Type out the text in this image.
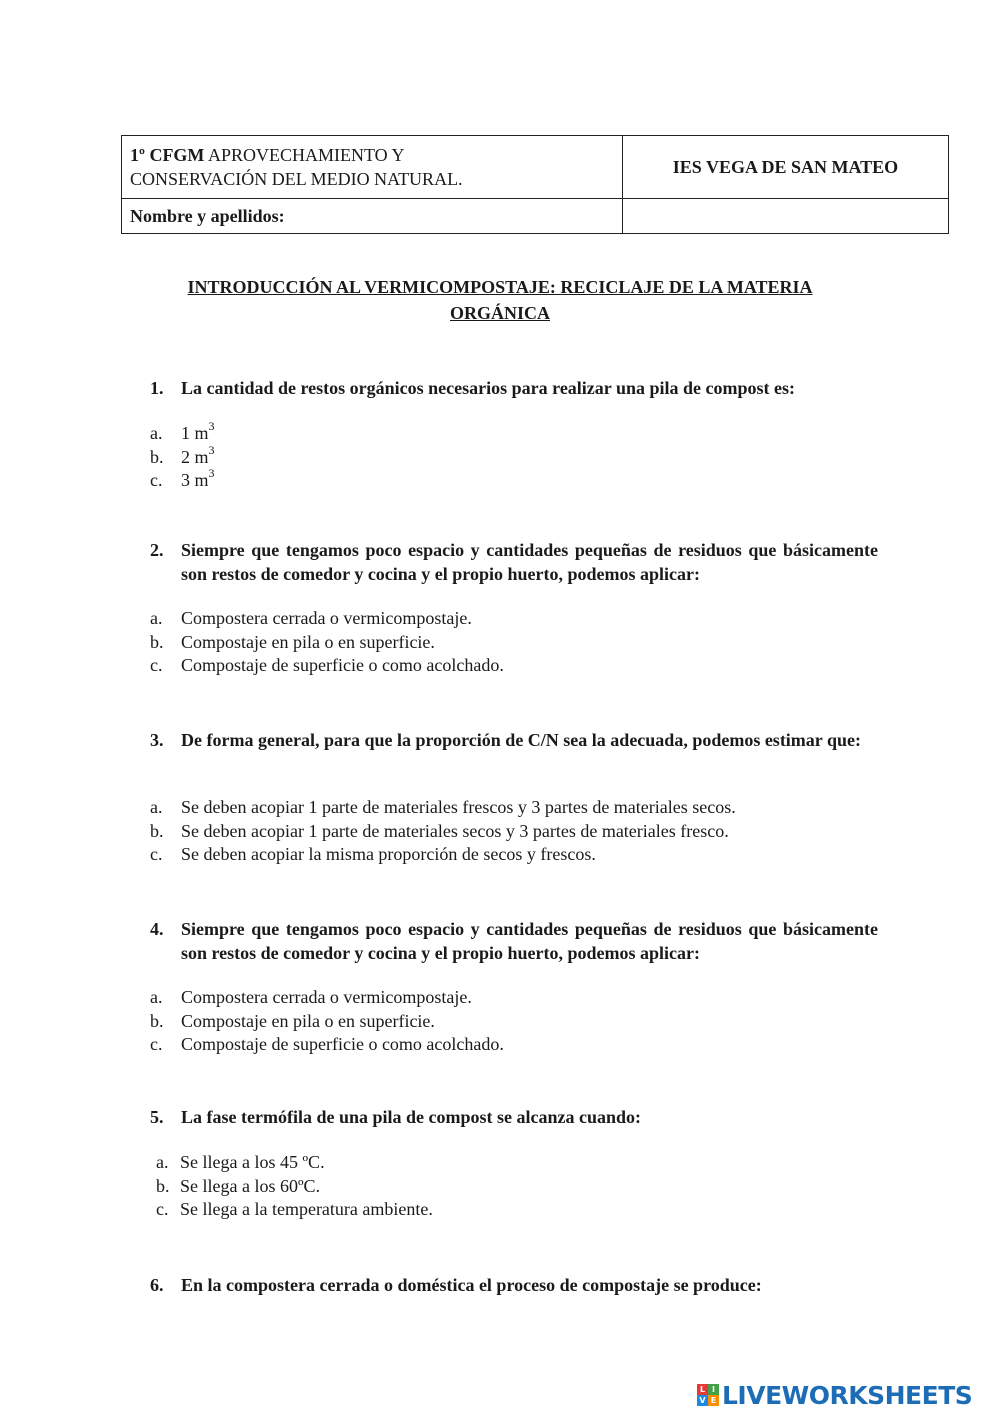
1º CFGM APROVECHAMIENTO Y
CONSERVACIÓN DEL MEDIO NATURAL.	IES VEGA DE SAN MATEO
Nombre y apellidos:	
INTRODUCCIÓN AL VERMICOMPOSTAJE: RECICLAJE DE LA MATERIA
ORGÁNICA
1. La cantidad de restos orgánicos necesarios para realizar una pila de compost es:
a. 1 $m^3$
b. 2 $m^3$
c. 3 $m^3$
2. Siempre que tengamos poco espacio y cantidades pequeñas de residuos que básicamente son restos de comedor y cocina y el propio huerto, podemos aplicar:
a. Compostera cerrada o vermicompostaje.
b. Compostaje en pila o en superficie.
c. Compostaje de superficie o como acolchado.
3. De forma general, para que la proporción de C/N sea la adecuada, podemos estimar que:
a. Se deben acopiar 1 parte de materiales frescos y 3 partes de materiales secos.
b. Se deben acopiar 1 parte de materiales secos y 3 partes de materiales fresco.
c. Se deben acopiar la misma proporción de secos y frescos.
4. Siempre que tengamos poco espacio y cantidades pequeñas de residuos que básicamente son restos de comedor y cocina y el propio huerto, podemos aplicar:
a. Compostera cerrada o vermicompostaje.
b. Compostaje en pila o en superficie.
c. Compostaje de superficie o como acolchado.
5. La fase termófila de una pila de compost se alcanza cuando:
a. Se llega a los 45 ºC.
b. Se llega a los 60ºC.
c. Se llega a la temperatura ambiente.
6. En la compostera cerrada o doméstica el proceso de compostaje se produce:
L I
V E LIVEWORKSHEETS
